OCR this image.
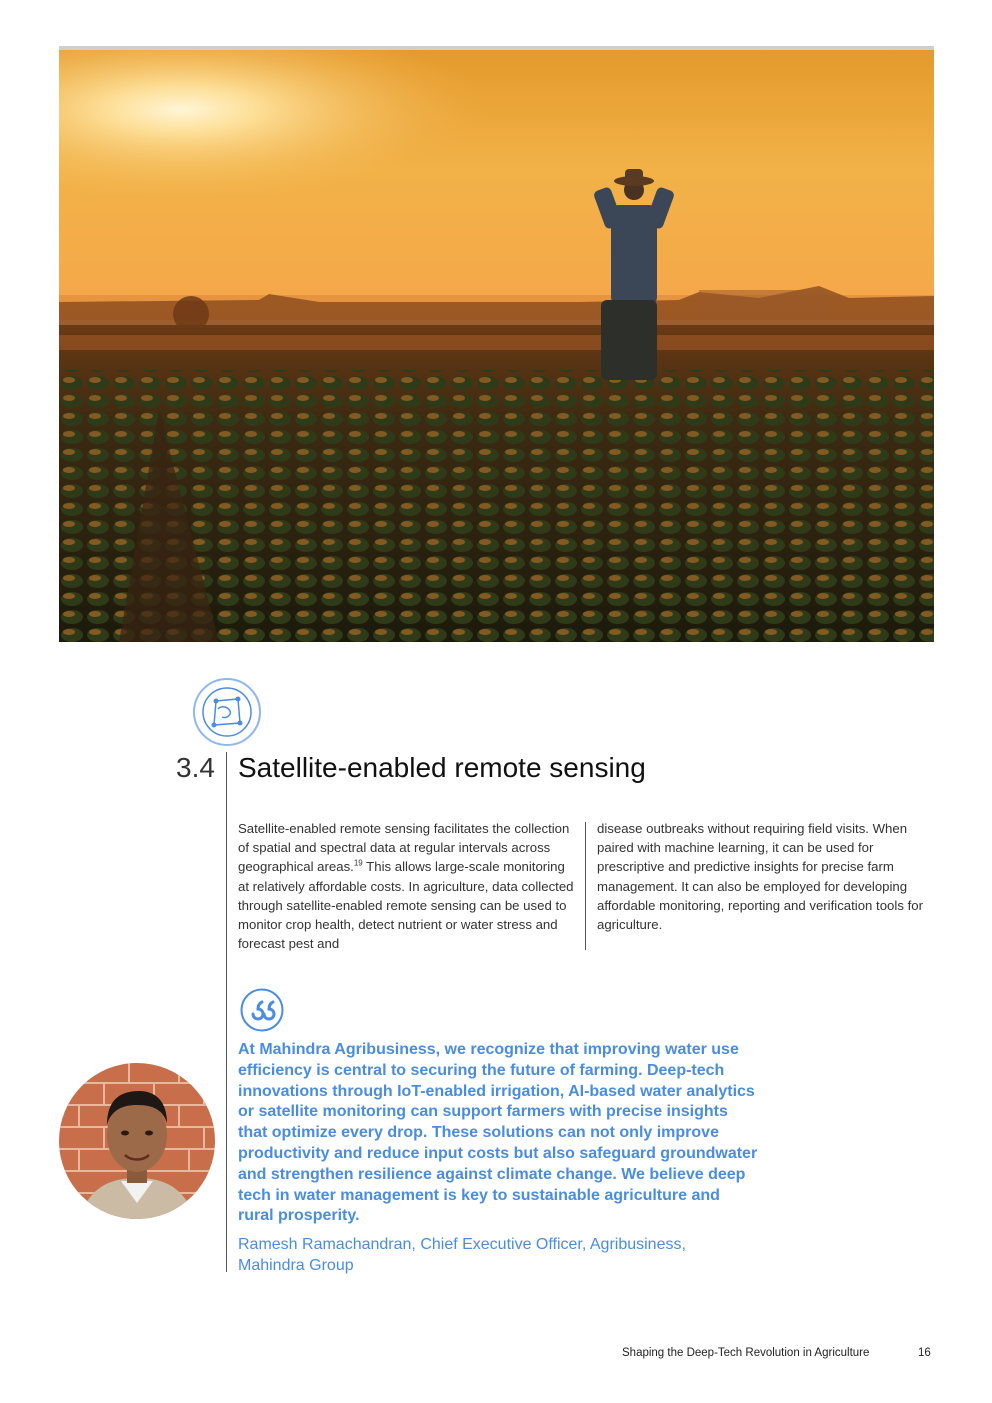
3.4 Satellite-enabled remote sensing

Satellite-enabled remote sensing facilitates the collection of spatial and spectral data at regular intervals across geographical areas.$^{19}$ This allows large-scale monitoring at relatively affordable costs. In agriculture, data collected through satellite-enabled remote sensing can be used to monitor crop health, detect nutrient or water stress and forecast pest and

disease outbreaks without requiring field visits. When paired with machine learning, it can be used for prescriptive and predictive insights for precise farm management. It can also be employed for developing affordable monitoring, reporting and verification tools for agriculture.

At Mahindra Agribusiness, we recognize that improving water use efficiency is central to securing the future of farming. Deep-tech innovations through IoT-enabled irrigation, AI-based water analytics or satellite monitoring can support farmers with precise insights that optimize every drop. These solutions can not only improve productivity and reduce input costs but also safeguard groundwater and strengthen resilience against climate change. We believe deep tech in water management is key to sustainable agriculture and rural prosperity.

Ramesh Ramachandran, Chief Executive Officer, Agribusiness, Mahindra Group

Shaping the Deep-Tech Revolution in Agriculture	16
